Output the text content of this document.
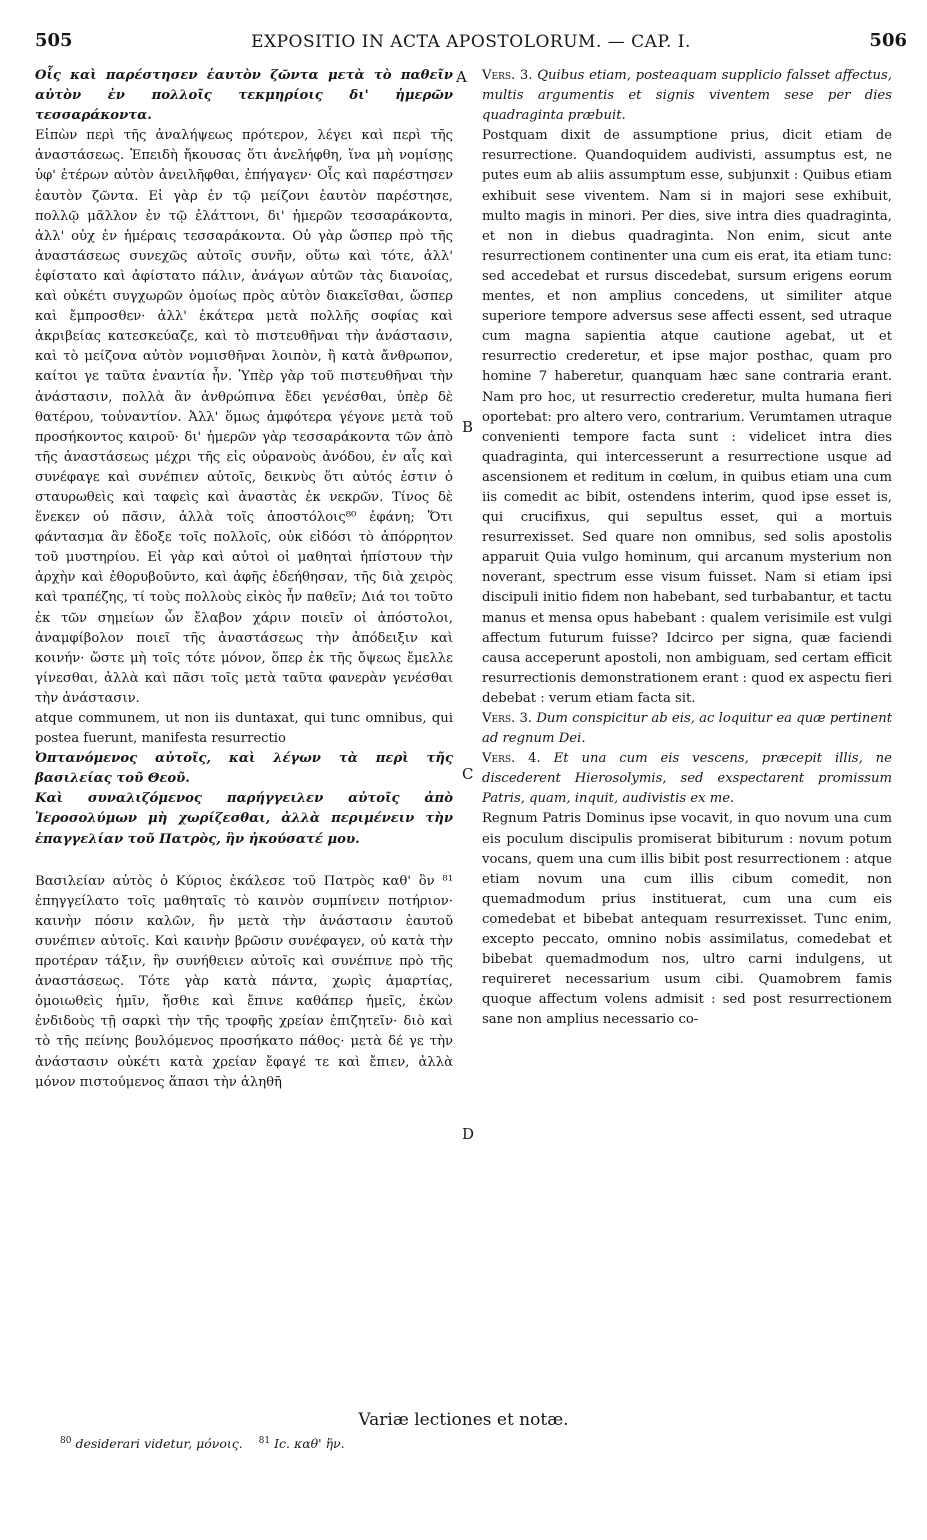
505	EXPOSITIO IN ACTA APOSTOLORUM. — CAP. I.	506

Οἷς καὶ παρέστησεν ἑαυτὸν ζῶντα μετὰ τὸ παθεῖν αὐτὸν ἐν πολλοῖς τεκμηρίοις δι' ἡμερῶν τεσσαράκοντα.

Εἰπὼν περὶ τῆς ἀναλήψεως πρότερον, λέγει καὶ περὶ τῆς ἀναστάσεως. Ἐπειδὴ ἤκουσας ὅτι ἀνελήφθη, ἵνα μὴ νομίσῃς ὑφ' ἑτέρων αὐτὸν ἀνειλῆφθαι, ἐπήγαγεν· Οἷς καὶ παρέστησεν ἑαυτὸν ζῶντα. Εἰ γὰρ ἐν τῷ μείζονι ἑαυτὸν παρέστησε, πολλῷ μᾶλλον ἐν τῷ ἐλάττονι, δι' ἡμερῶν τεσσαράκοντα, ἀλλ' οὐχ ἐν ἡμέραις τεσσαράκοντα. Οὐ γὰρ ὥσπερ πρὸ τῆς ἀναστάσεως συνεχῶς αὐτοῖς συνῆν, οὕτω καὶ τότε, ἀλλ' ἐφίστατο καὶ ἀφίστατο πάλιν, ἀνάγων αὐτῶν τὰς διανοίας, καὶ οὐκέτι συγχωρῶν ὁμοίως πρὸς αὐτὸν διακεῖσθαι, ὥσπερ καὶ ἔμπροσθεν· ἀλλ' ἑκάτερα μετὰ πολλῆς σοφίας καὶ ἀκριβείας κατεσκεύαζε, καὶ τὸ πιστευθῆναι τὴν ἀνάστασιν, καὶ τὸ μείζονα αὐτὸν νομισθῆναι λοιπὸν, ἢ κατὰ ἄνθρωπον, καίτοι γε ταῦτα ἐναντία ἦν. Ὑπὲρ γὰρ τοῦ πιστευθῆναι τὴν ἀνάστασιν, πολλὰ ἂν ἀνθρώπινα ἔδει γενέσθαι, ὑπὲρ δὲ θατέρου, τοὐναντίον. Ἀλλ' ὅμως ἀμφότερα γέγονε μετὰ τοῦ προσήκοντος καιροῦ· δι' ἡμερῶν γὰρ τεσσαράκοντα τῶν ἀπὸ τῆς ἀναστάσεως μέχρι τῆς εἰς οὐρανοὺς ἀνόδου, ἐν αἷς καὶ συνέφαγε καὶ συνέπιεν αὐτοῖς, δεικνὺς ὅτι αὐτός ἐστιν ὁ σταυρωθεὶς καὶ ταφεὶς καὶ ἀναστὰς ἐκ νεκρῶν. Τίνος δὲ ἕνεκεν οὐ πᾶσιν, ἀλλὰ τοῖς ἀποστόλοις⁸⁰ ἐφάνη; Ὅτι φάντασμα ἂν ἔδοξε τοῖς πολλοῖς, οὐκ εἰδόσι τὸ ἀπόρρητον τοῦ μυστηρίου. Εἰ γὰρ καὶ αὐτοὶ οἱ μαθηταὶ ἠπίστουν τὴν ἀρχὴν καὶ ἐθορυβοῦντο, καὶ ἀφῆς ἐδεήθησαν, τῆς διὰ χειρὸς καὶ τραπέζης, τί τοὺς πολλοὺς εἰκὸς ἦν παθεῖν; Διά τοι τοῦτο ἐκ τῶν σημείων ὧν ἔλαβον χάριν ποιεῖν οἱ ἀπόστολοι, ἀναμφίβολον ποιεῖ τῆς ἀναστάσεως τὴν ἀπόδειξιν καὶ κοινήν· ὥστε μὴ τοῖς τότε μόνον, ὅπερ ἐκ τῆς ὄψεως ἔμελλε γίνεσθαι, ἀλλὰ καὶ πᾶσι τοῖς μετὰ ταῦτα φανερὰν γενέσθαι τὴν ἀνάστασιν.

atque communem, ut non iis duntaxat, qui tunc omnibus, qui postea fuerunt, manifesta resurrectio

Ὀπτανόμενος αὐτοῖς, καὶ λέγων τὰ περὶ τῆς βασιλείας τοῦ Θεοῦ.

Καὶ συναλιζόμενος παρήγγειλεν αὐτοῖς ἀπὸ Ἱεροσολύμων μὴ χωρίζεσθαι, ἀλλὰ περιμένειν τὴν ἐπαγγελίαν τοῦ Πατρὸς, ἣν ἠκούσατέ μου.

Βασιλείαν αὐτὸς ὁ Κύριος ἐκάλεσε τοῦ Πατρὸς καθ' ὃν ⁸¹ ἐπηγγείλατο τοῖς μαθηταῖς τὸ καινὸν συμπίνειν ποτήριον· καινὴν πόσιν καλῶν, ἣν μετὰ τὴν ἀνάστασιν ἑαυτοῦ συνέπιεν αὐτοῖς. Καὶ καινὴν βρῶσιν συνέφαγεν, οὐ κατὰ τὴν προτέραν τάξιν, ἣν συνήθειεν αὐτοῖς καὶ συνέπινε πρὸ τῆς ἀναστάσεως. Τότε γὰρ κατὰ πάντα, χωρὶς ἁμαρτίας, ὁμοιωθεὶς ἡμῖν, ἤσθιε καὶ ἔπινε καθάπερ ἡμεῖς, ἑκὼν ἐνδιδοὺς τῇ σαρκὶ τὴν τῆς τροφῆς χρείαν ἐπιζητεῖν· διὸ καὶ τὸ τῆς πείνης βουλόμενος προσήκατο πάθος· μετὰ δέ γε τὴν ἀνάστασιν οὐκέτι κατὰ χρείαν ἔφαγέ τε καὶ ἔπιεν, ἀλλὰ μόνον πιστούμενος ἅπασι τὴν ἀληθῆ

A
B
C
D

Vers. 3. Quibus etiam, posteaquam supplicio falsset affectus, multis argumentis et signis viventem sese per dies quadraginta præbuit.

Postquam dixit de assumptione prius, dicit etiam de resurrectione. Quandoquidem audivisti, assumptus est, ne putes eum ab aliis assumptum esse, subjunxit : Quibus etiam exhibuit sese viventem. Nam si in majori sese exhibuit, multo magis in minori. Per dies, sive intra dies quadraginta, et non in diebus quadraginta. Non enim, sicut ante resurrectionem continenter una cum eis erat, ita etiam tunc: sed accedebat et rursus discedebat, sursum erigens eorum mentes, et non amplius concedens, ut similiter atque superiore tempore adversus sese affecti essent, sed utraque cum magna sapientia atque cautione agebat, ut et resurrectio crederetur, et ipse major posthac, quam pro homine 7 haberetur, quanquam hæc sane contraria erant. Nam pro hoc, ut resurrectio crederetur, multa humana fieri oportebat: pro altero vero, contrarium. Verumtamen utraque convenienti tempore facta sunt : videlicet intra dies quadraginta, qui intercesserunt a resurrectione usque ad ascensionem et reditum in cœlum, in quibus etiam una cum iis comedit ac bibit, ostendens interim, quod ipse esset is, qui crucifixus, qui sepultus esset, qui a mortuis resurrexisset. Sed quare non omnibus, sed solis apostolis apparuit Quia vulgo hominum, qui arcanum mysterium non noverant, spectrum esse visum fuisset. Nam si etiam ipsi discipuli initio fidem non habebant, sed turbabantur, et tactu manus et mensa opus habebant : qualem verisimile est vulgi affectum futurum fuisse? Idcirco per signa, quæ faciendi causa acceperunt apostoli, non ambiguam, sed certam efficit resurrectionis demonstrationem erant : quod ex aspectu fieri debebat : verum etiam facta sit.

Vers. 3. Dum conspicitur ab eis, ac loquitur ea quæ pertinent ad regnum Dei.

Vers. 4. Et una cum eis vescens, præcepit illis, ne discederent Hierosolymis, sed exspectarent promissum Patris, quam, inquit, audivistis ex me.

Regnum Patris Dominus ipse vocavit, in quo novum una cum eis poculum discipulis promiserat bibiturum : novum potum vocans, quem una cum illis bibit post resurrectionem : atque etiam novum una cum illis cibum comedit, non quemadmodum prius instituerat, cum una cum eis comedebat et bibebat antequam resurrexisset. Tunc enim, excepto peccato, omnino nobis assimilatus, comedebat et bibebat quemadmodum nos, ultro carni indulgens, ut requireret necessarium usum cibi. Quamobrem famis quoque affectum volens admisit : sed post resurrectionem sane non amplius necessario co-

Variæ lectiones et notæ.
$^{80}$ desiderari videtur, μόνοις. $^{81}$ Ic. καθ' ἥν.
